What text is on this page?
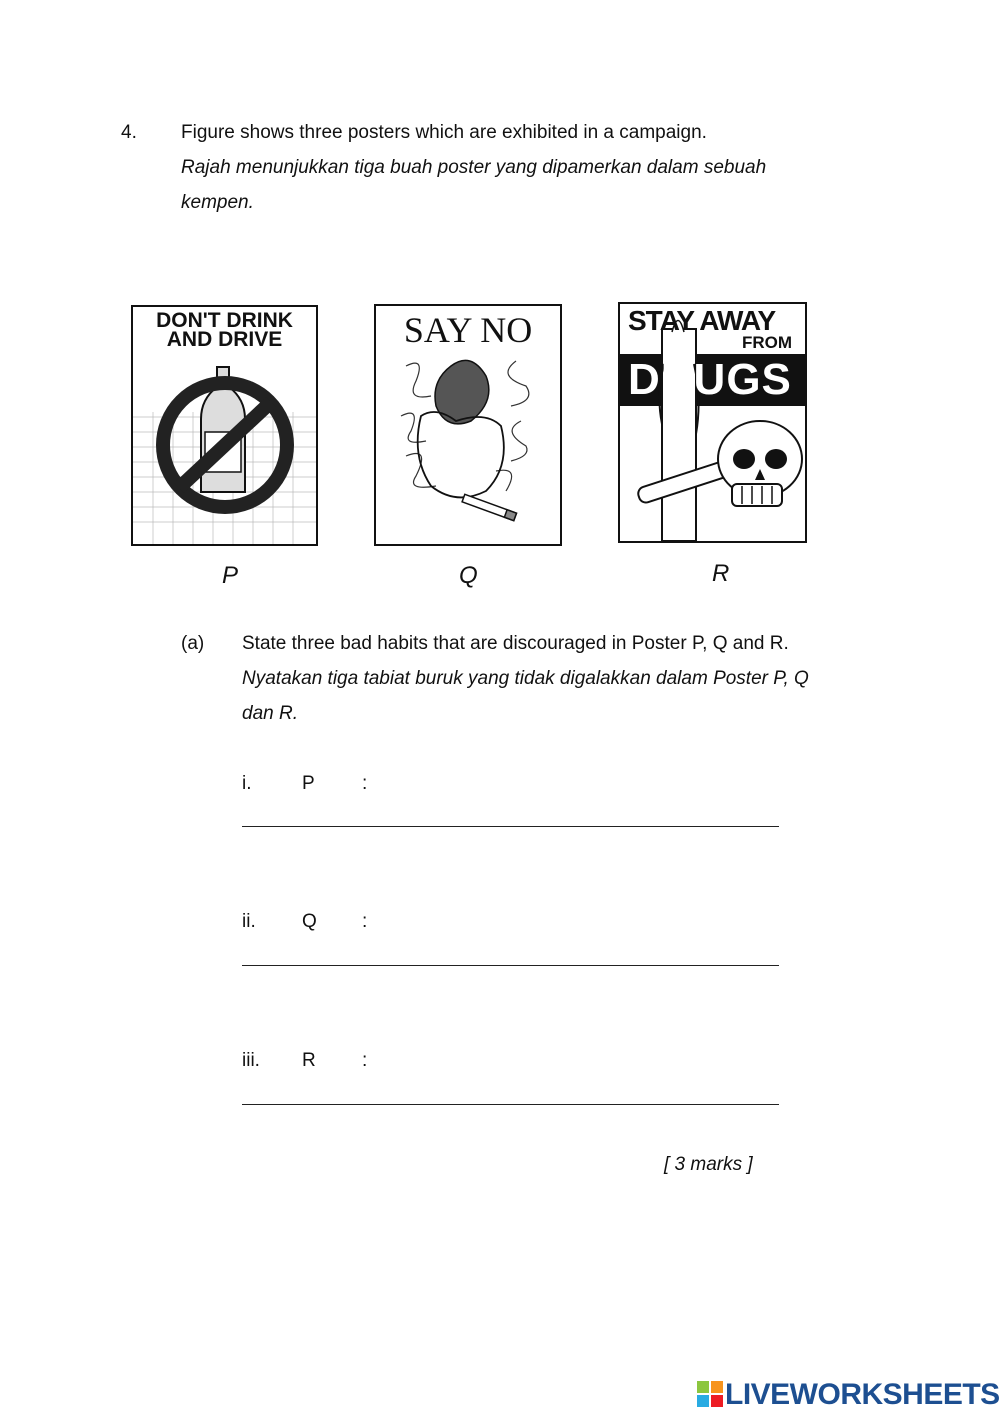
4. Figure shows three posters which are exhibited in a campaign.
Rajah menunjukkan tiga buah poster yang dipamerkan dalam sebuah
kempen.
DON'T DRINK
AND DRIVE
P
SAY NO
Q
STAY AWAY
FROM
DRUGS
R
(a) State three bad habits that are discouraged in Poster P, Q and R.
Nyatakan tiga tabiat buruk yang tidak digalakkan dalam Poster P, Q
dan R.
i.	P :
ii. Q :
iii. R :
[ 3 marks ]
LIVEWORKSHEETS
